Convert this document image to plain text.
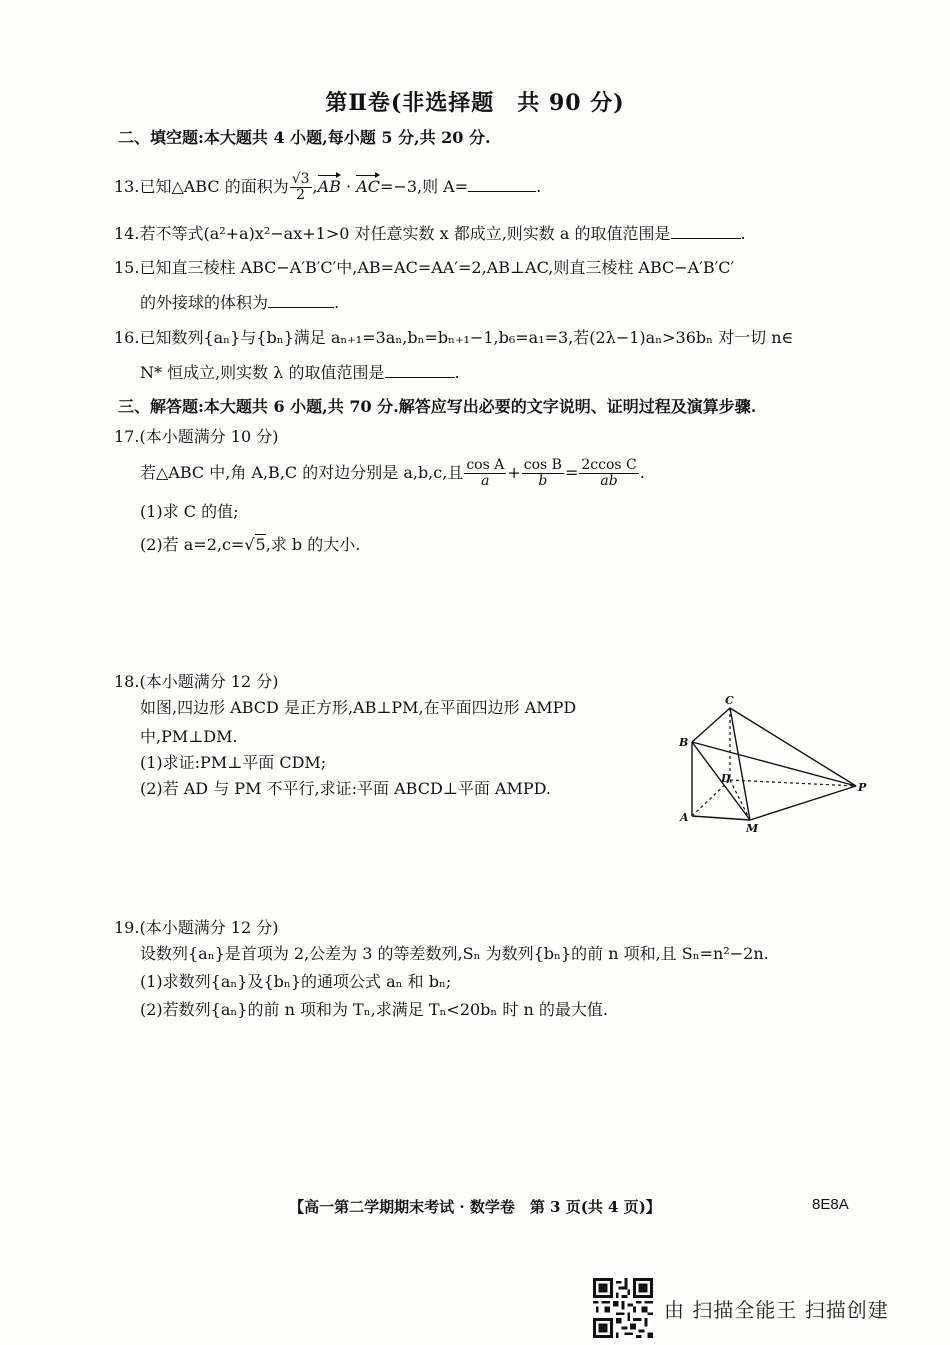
第Ⅱ卷(非选择题　共 90 分)
二、填空题:本大题共 4 小题,每小题 5 分,共 20 分.
13.已知△ABC 的面积为 $\frac{√3}{2} ,AB \cdot AC=-3$,则 A=	.
14.若不等式(a²+a)x²−ax+1>0 对任意实数 x 都成立,则实数 a 的取值范围是	.
15.已知直三棱柱 ABC−A′B′C′中,AB=AC=AA′=2,AB⊥AC,则直三棱柱 ABC−A′B′C′
的外接球的体积为	.
16.已知数列{aₙ}与{bₙ}满足 aₙ₊₁=3aₙ,bₙ=bₙ₊₁−1,b₆=a₁=3,若(2λ−1)aₙ>36bₙ 对一切 n∈
N* 恒成立,则实数 λ 的取值范围是	.
三、解答题:本大题共 6 小题,共 70 分.解答应写出必要的文字说明、证明过程及演算步骤.
17.(本小题满分 10 分)
若△ABC 中,角 A,B,C 的对边分别是 a,b,c,且 $\frac{\text{cos A}}{a} + \frac{\text{cos B}}{b} = \frac{\text{2ccos C}}{ab}$ .
(1)求 C 的值;
(2)若 a=2,c=√5,求 b 的大小.
18.(本小题满分 12 分)
如图,四边形 ABCD 是正方形,AB⊥PM,在平面四边形 AMPD
中,PM⊥DM.
(1)求证:PM⊥平面 CDM;
(2)若 AD 与 PM 不平行,求证:平面 ABCD⊥平面 AMPD.
C
B
D
A
M
P
19.(本小题满分 12 分)
设数列{aₙ}是首项为 2,公差为 3 的等差数列,Sₙ 为数列{bₙ}的前 n 项和,且 Sₙ=n²−2n.
(1)求数列{aₙ}及{bₙ}的通项公式 aₙ 和 bₙ;
(2)若数列{aₙ}的前 n 项和为 Tₙ,求满足 Tₙ<20bₙ 时 n 的最大值.
【高一第二学期期末考试 · 数学卷　第 3 页(共 4 页)】	8E8A
由 扫描全能王 扫描创建
